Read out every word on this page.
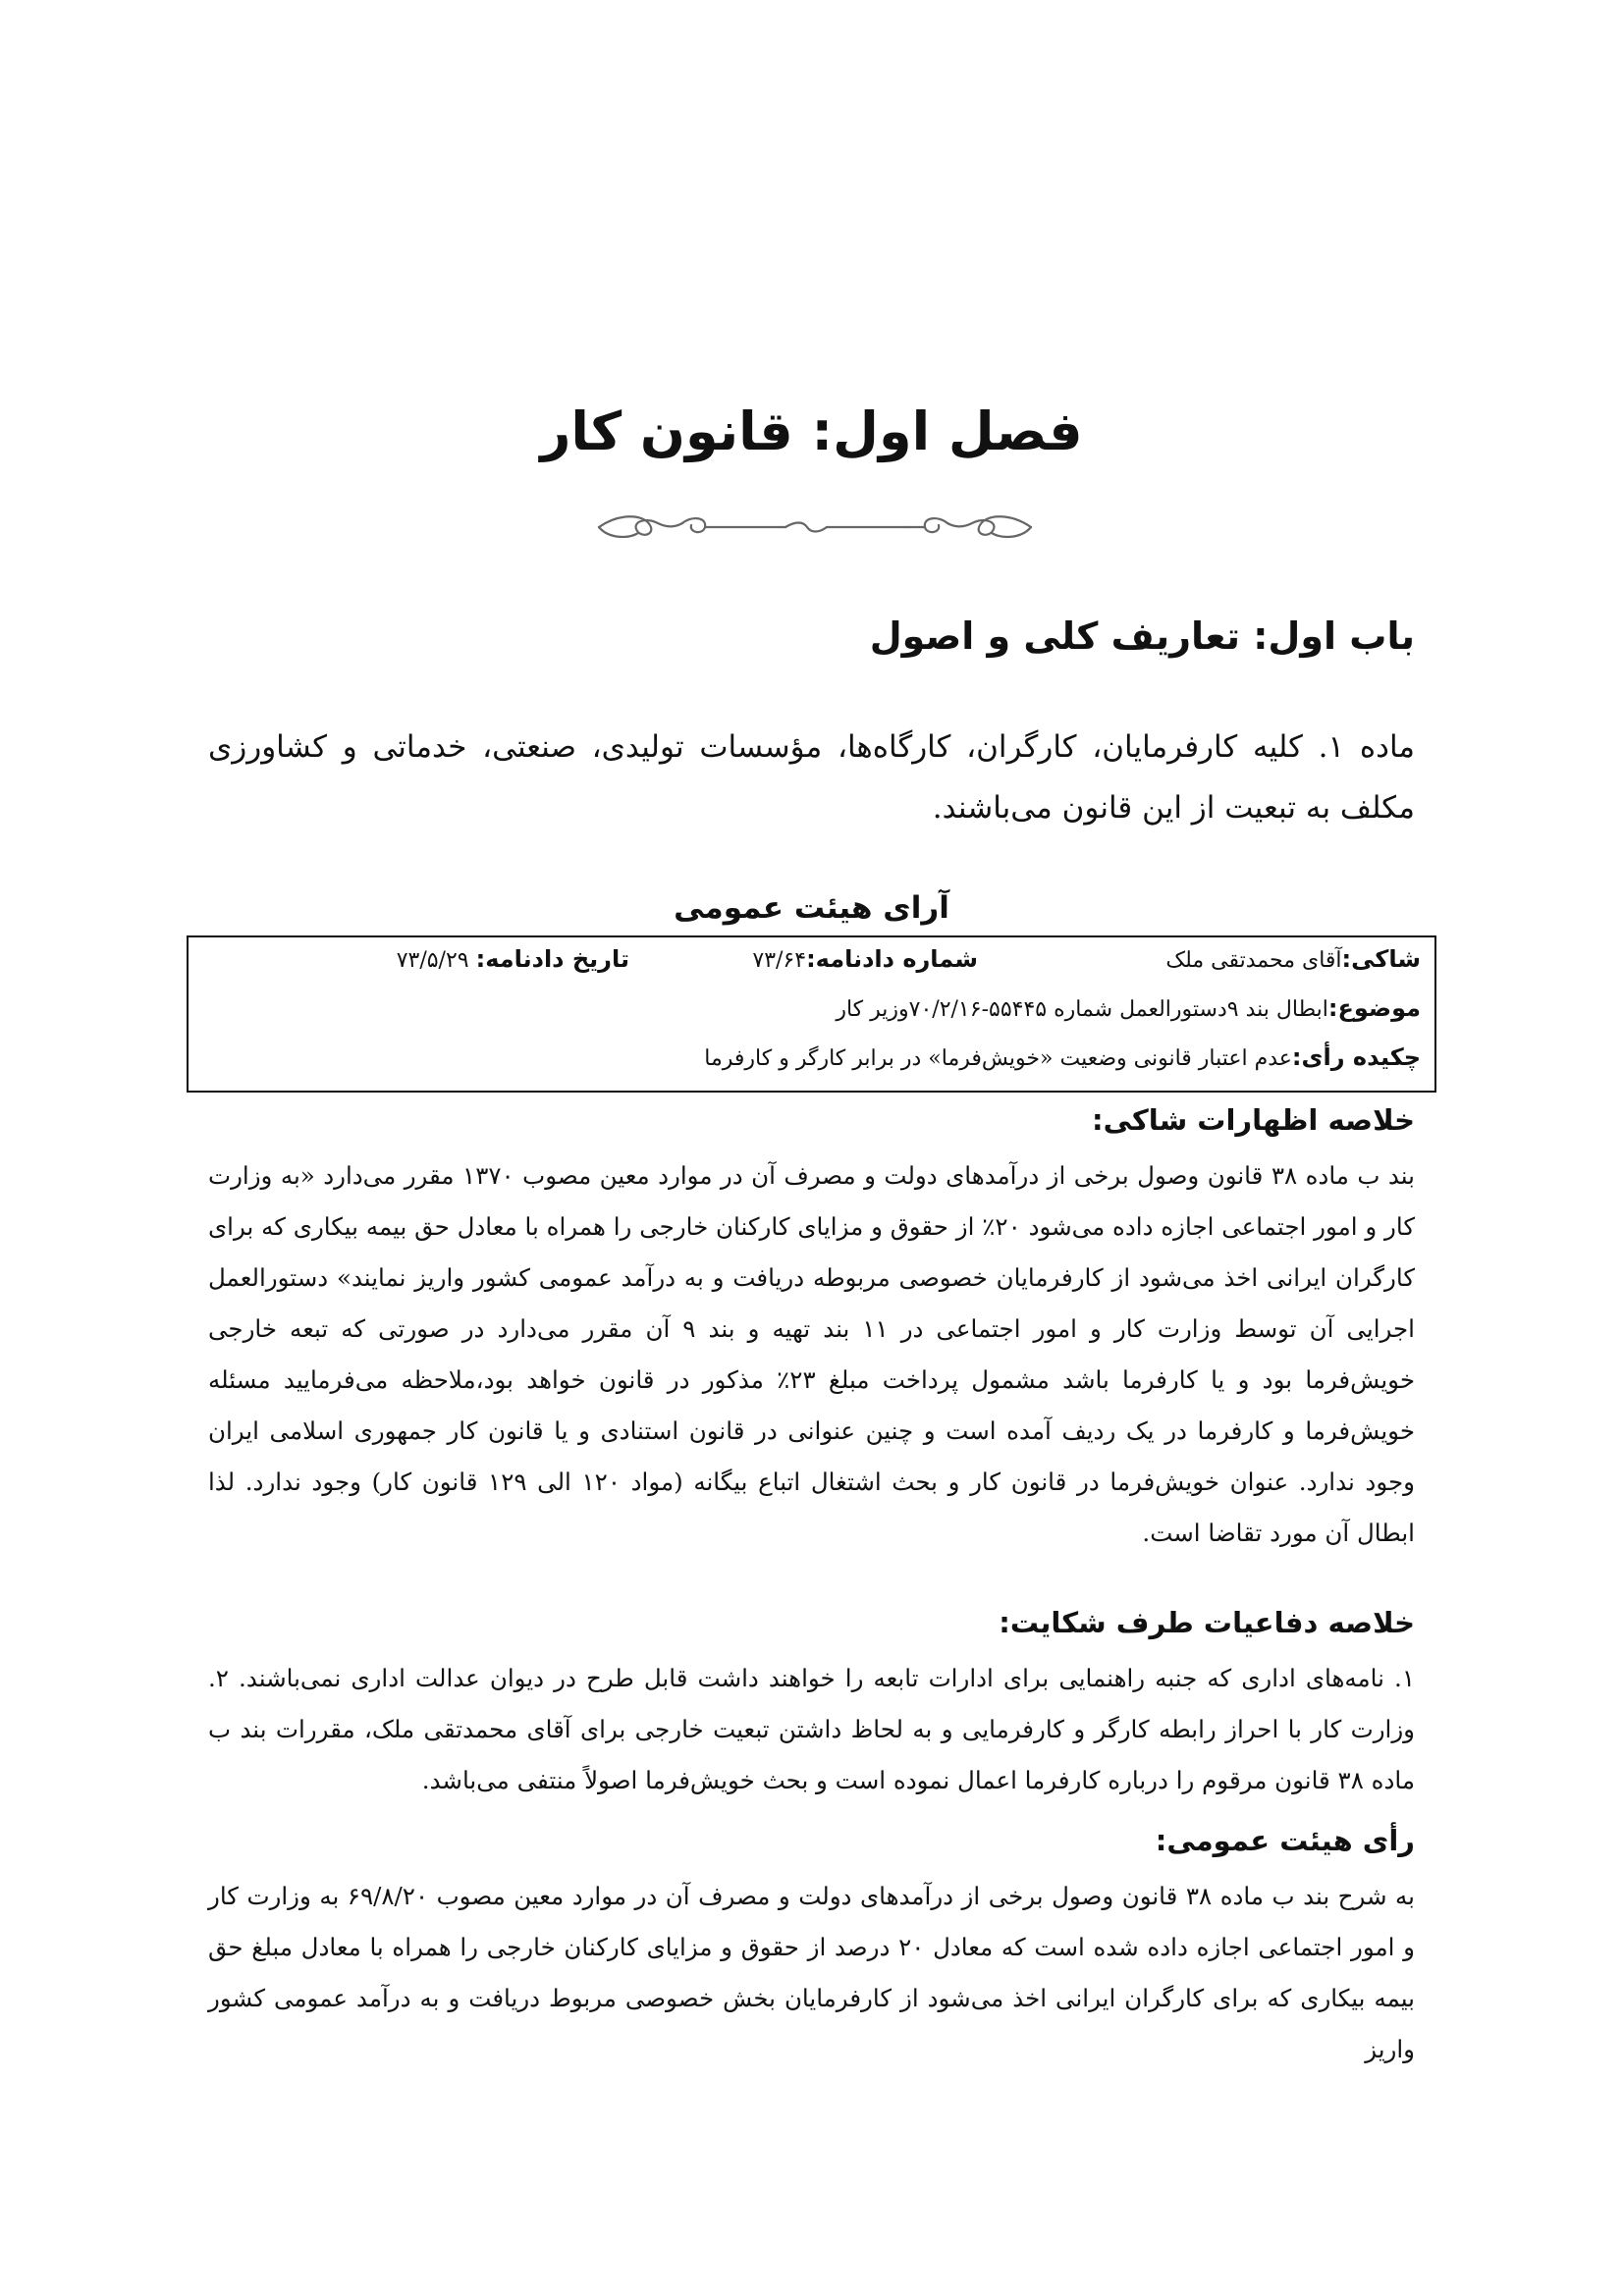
فصل اول: قانون کار
باب اول: تعاریف کلی و اصول
ماده ۱. کلیه کارفرمایان، کارگران، کارگاه‌ها، مؤسسات تولیدی، صنعتی، خدماتی و کشاورزی مکلف به تبعیت از این قانون می‌باشند.
آرای هیئت عمومی
شاکی:آقای محمدتقی ملک
شماره دادنامه:۷۳/۶۴
تاریخ دادنامه: ۷۳/۵/۲۹
موضوع:ابطال بند ۹دستورالعمل شماره ۵۵۴۴۵-۷۰/۲/۱۶وزیر کار
چکیده رأی:عدم اعتبار قانونی وضعیت «خویش‌فرما» در برابر کارگر و کارفرما
خلاصه اظهارات شاکی:
بند ب ماده ۳۸ قانون وصول برخی از درآمدهای دولت و مصرف آن در موارد معین مصوب ۱۳۷۰ مقرر می‌دارد «به وزارت کار و امور اجتماعی اجازه داده می‌شود ۲۰٪ از حقوق و مزایای کارکنان خارجی را همراه با معادل حق بیمه بیکاری که برای کارگران ایرانی اخذ می‌شود از کارفرمایان خصوصی مربوطه دریافت و به درآمد عمومی کشور واریز نمایند» دستورالعمل اجرایی آن توسط وزارت کار و امور اجتماعی در ۱۱ بند تهیه و بند ۹ آن مقرر می‌دارد در صورتی که تبعه خارجی خویش‌فرما بود و یا کارفرما باشد مشمول پرداخت مبلغ ۲۳٪ مذکور در قانون خواهد بود،ملاحظه می‌فرمایید مسئله خویش‌فرما و کارفرما در یک ردیف آمده است و چنین عنوانی در قانون استنادی و یا قانون کار جمهوری اسلامی ایران وجود ندارد. عنوان خویش‌فرما در قانون کار و بحث اشتغال اتباع بیگانه (مواد ۱۲۰ الی ۱۲۹ قانون کار) وجود ندارد. لذا ابطال آن مورد تقاضا است.
خلاصه دفاعیات طرف شکایت:
۱. نامه‌های اداری که جنبه راهنمایی برای ادارات تابعه را خواهند داشت قابل طرح در دیوان عدالت اداری نمی‌باشند. ۲. وزارت کار با احراز رابطه کارگر و کارفرمایی و به لحاظ داشتن تبعیت خارجی برای آقای محمدتقی ملک، مقررات بند ب ماده ۳۸ قانون مرقوم را درباره کارفرما اعمال نموده است و بحث خویش‌فرما اصولاً منتفی می‌باشد.
رأی هیئت عمومی:
به شرح بند ب ماده ۳۸ قانون وصول برخی از درآمدهای دولت و مصرف آن در موارد معین مصوب ۶۹/۸/۲۰ به وزارت کار و امور اجتماعی اجازه داده شده است که معادل ۲۰ درصد از حقوق و مزایای کارکنان خارجی را همراه با معادل مبلغ حق بیمه بیکاری که برای کارگران ایرانی اخذ می‌شود از کارفرمایان بخش خصوصی مربوط دریافت و به درآمد عمومی کشور واریز
